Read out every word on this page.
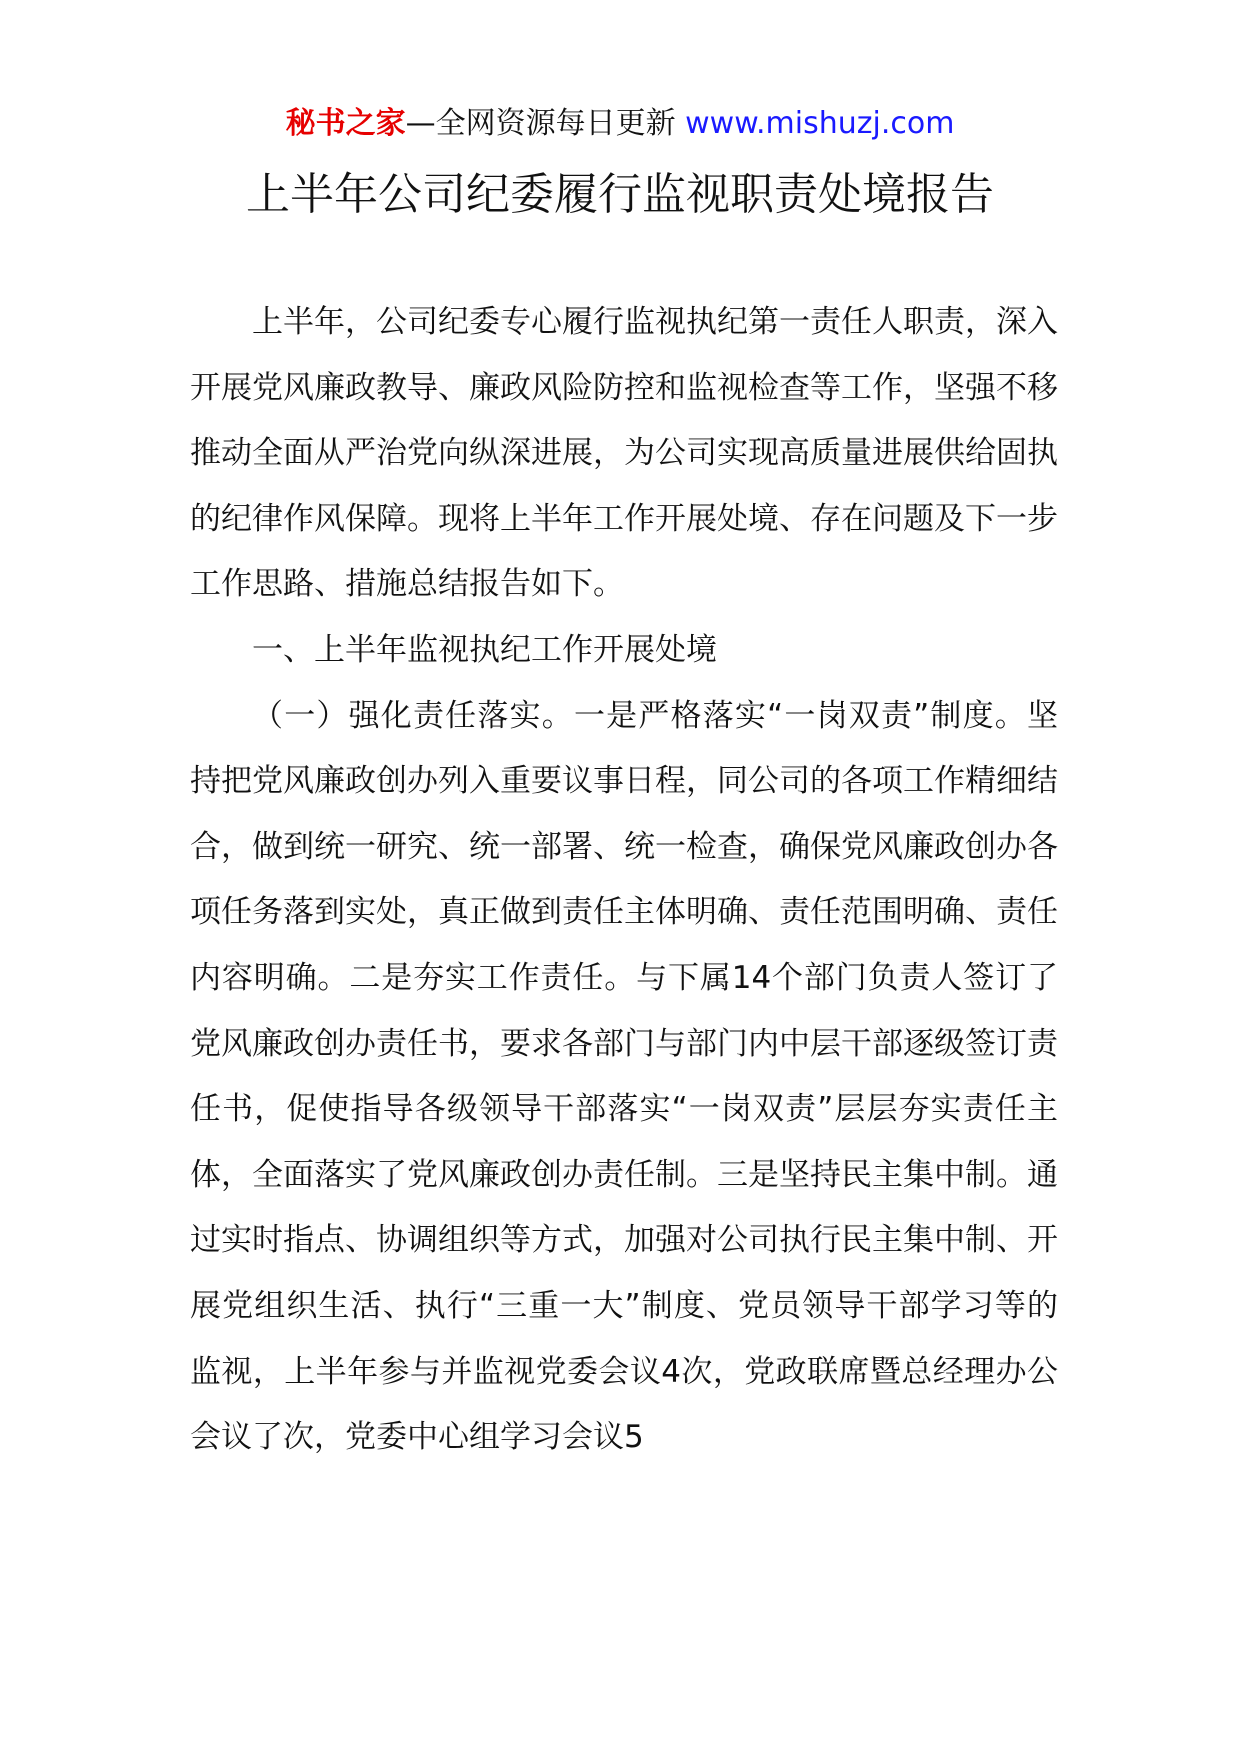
秘书之家—全网资源每日更新 www.mishuzj.com
上半年公司纪委履行监视职责处境报告

上半年，公司纪委专心履行监视执纪第一责任人职责，深入开展党风廉政教导、廉政风险防控和监视检查等工作，坚强不移推动全面从严治党向纵深进展，为公司实现高质量进展供给固执的纪律作风保障。现将上半年工作开展处境、存在问题及下一步工作思路、措施总结报告如下。

一、上半年监视执纪工作开展处境

（一）强化责任落实。一是严格落实“一岗双责”制度。坚持把党风廉政创办列入重要议事日程，同公司的各项工作精细结合，做到统一研究、统一部署、统一检查，确保党风廉政创办各项任务落到实处，真正做到责任主体明确、责任范围明确、责任内容明确。二是夯实工作责任。与下属14个部门负责人签订了党风廉政创办责任书，要求各部门与部门内中层干部逐级签订责任书，促使指导各级领导干部落实“一岗双责”层层夯实责任主体，全面落实了党风廉政创办责任制。三是坚持民主集中制。通过实时指点、协调组织等方式，加强对公司执行民主集中制、开展党组织生活、执行“三重一大”制度、党员领导干部学习等的监视，上半年参与并监视党委会议4次，党政联席暨总经理办公会议了次，党委中心组学习会议5
